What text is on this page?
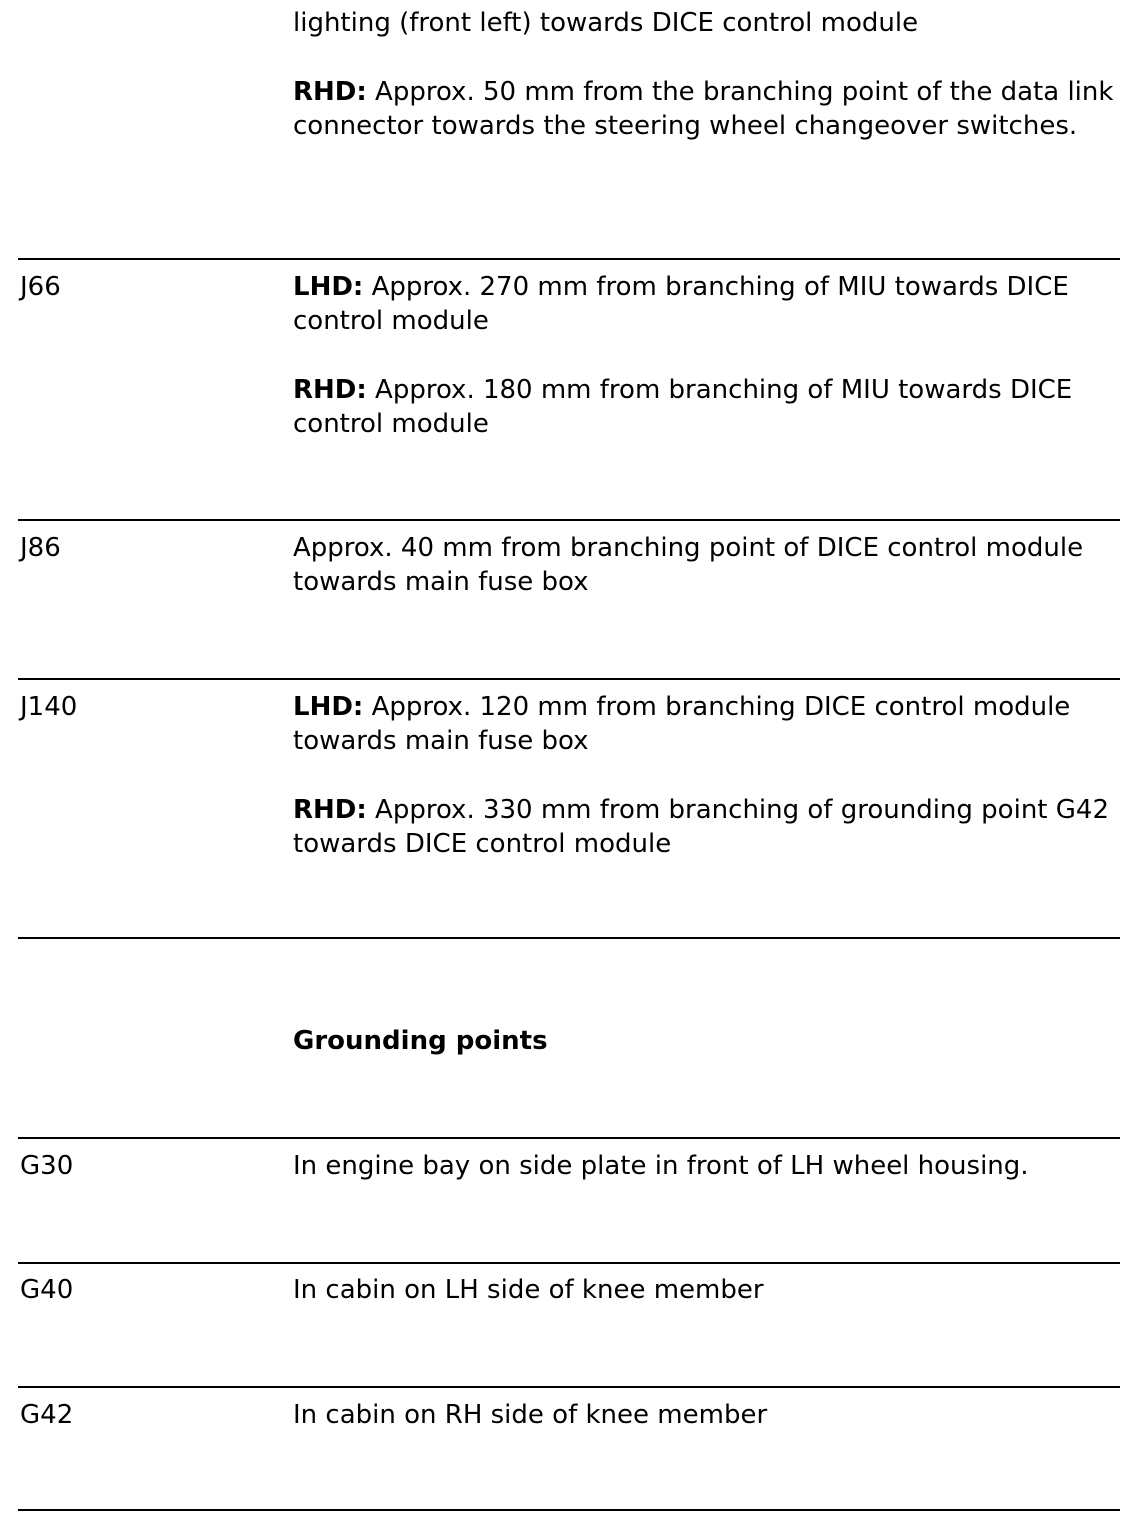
lighting (front left) towards DICE control module

RHD: Approx. 50 mm from the branching point of the data link connector towards the steering wheel changeover switches.

J66	LHD: Approx. 270 mm from branching of MIU towards DICE control module

RHD: Approx. 180 mm from branching of MIU towards DICE control module

J86	Approx. 40 mm from branching point of DICE control module towards main fuse box

J140	LHD: Approx. 120 mm from branching DICE control module towards main fuse box

RHD: Approx. 330 mm from branching of grounding point G42 towards DICE control module

Grounding points
G30	In engine bay on side plate in front of LH wheel housing.
G40	In cabin on LH side of knee member
G42	In cabin on RH side of knee member
